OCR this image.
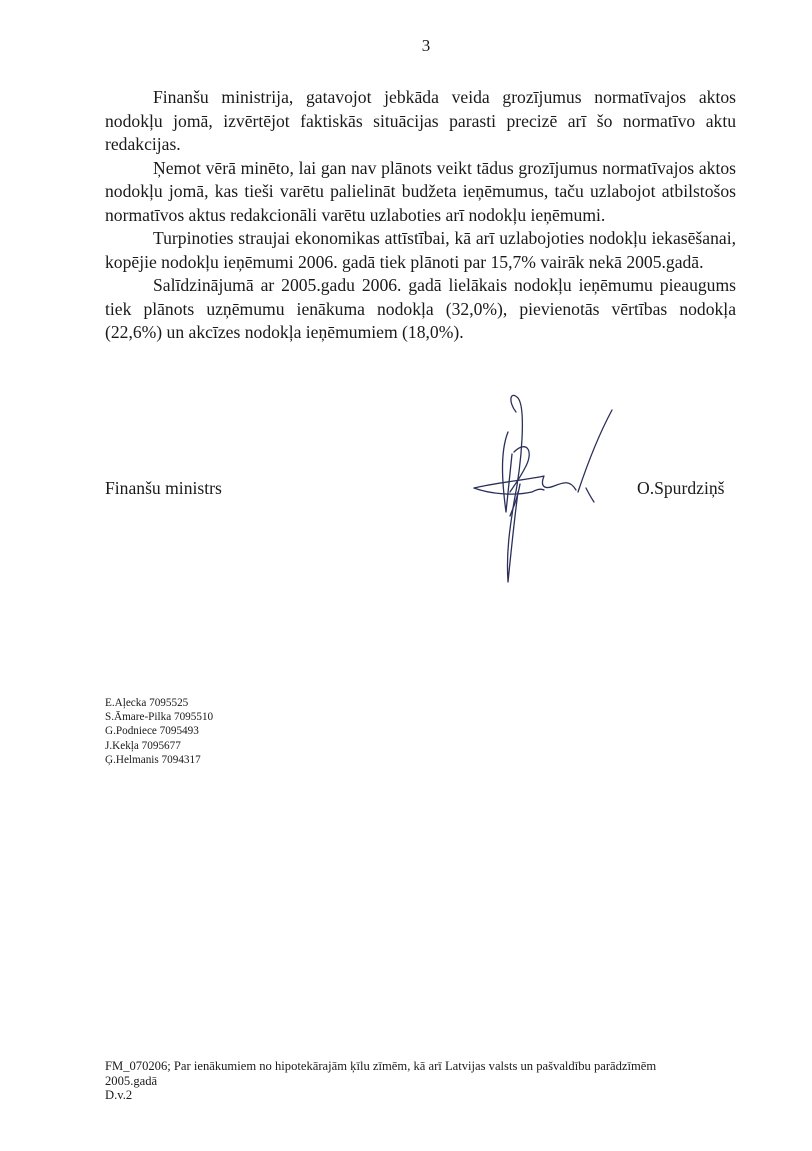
3

Finanšu ministrija, gatavojot jebkāda veida grozījumus normatīvajos aktos nodokļu jomā, izvērtējot faktiskās situācijas parasti precizē arī šo normatīvo aktu redakcijas.

Ņemot vērā minēto, lai gan nav plānots veikt tādus grozījumus normatīvajos aktos nodokļu jomā, kas tieši varētu palielināt budžeta ieņēmumus, taču uzlabojot atbilstošos normatīvos aktus redakcionāli varētu uzlaboties arī nodokļu ieņēmumi.

Turpinoties straujai ekonomikas attīstībai, kā arī uzlabojoties nodokļu iekasēšanai, kopējie nodokļu ieņēmumi 2006. gadā tiek plānoti par 15,7% vairāk nekā 2005.gadā.

Salīdzinājumā ar 2005.gadu 2006. gadā lielākais nodokļu ieņēmumu pieaugums tiek plānots uzņēmumu ienākuma nodokļa (32,0%), pievienotās vērtības nodokļa (22,6%) un akcīzes nodokļa ieņēmumiem (18,0%).

Finanšu ministrs	O.Spurdziņš
E.Aļecka 7095525
S.Āmare-Pilka 7095510
G.Podniece 7095493
J.Kekļa 7095677
Ģ.Helmanis 7094317
FM_070206; Par ienākumiem no hipotekārajām ķīlu zīmēm, kā arī Latvijas valsts un pašvaldību parādzīmēm
2005.gadā
D.v.2
